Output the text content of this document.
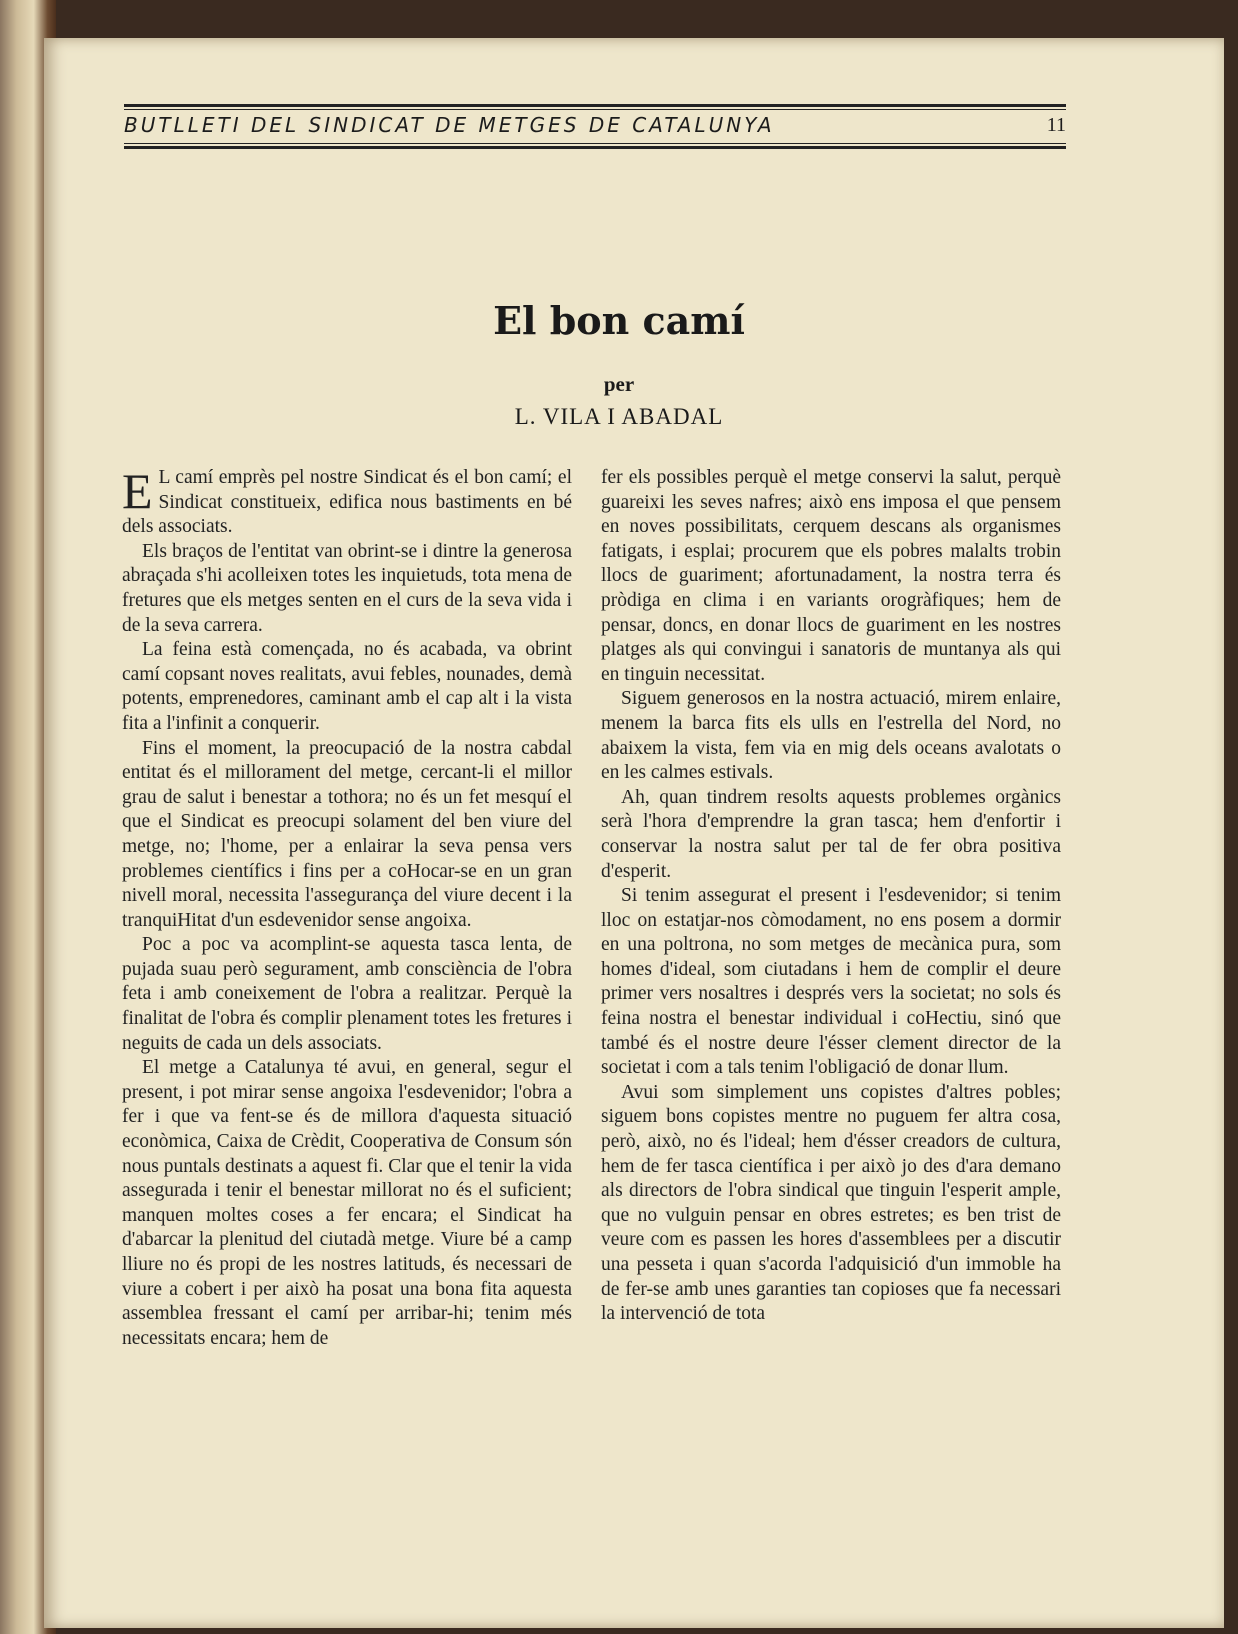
BUTLLETI DEL SINDICAT DE METGES DE CATALUNYA	11
El bon camí
per
L. VILA I ABADAL

E L camí emprès pel nostre Sindicat és el bon camí; el Sindicat constitueix, edifica nous bastiments en bé dels associats.

Els braços de l'entitat van obrint-se i dintre la generosa abraçada s'hi acolleixen totes les inquietuds, tota mena de fretures que els metges senten en el curs de la seva vida i de la seva carrera.

La feina està començada, no és acabada, va obrint camí copsant noves realitats, avui febles, nounades, demà potents, emprenedores, caminant amb el cap alt i la vista fita a l'infinit a conquerir.

Fins el moment, la preocupació de la nostra cabdal entitat és el millorament del metge, cercant-li el millor grau de salut i benestar a tothora; no és un fet mesquí el que el Sindicat es preocupi solament del ben viure del metge, no; l'home, per a enlairar la seva pensa vers problemes científics i fins per a coHocar-se en un gran nivell moral, necessita l'assegurança del viure decent i la tranquiHitat d'un esdevenidor sense angoixa.

Poc a poc va acomplint-se aquesta tasca lenta, de pujada suau però segurament, amb consciència de l'obra feta i amb coneixement de l'obra a realitzar. Perquè la finalitat de l'obra és complir plenament totes les fretures i neguits de cada un dels associats.

El metge a Catalunya té avui, en general, segur el present, i pot mirar sense angoixa l'esdevenidor; l'obra a fer i que va fent-se és de millora d'aquesta situació econòmica, Caixa de Crèdit, Cooperativa de Consum són nous puntals destinats a aquest fi. Clar que el tenir la vida assegurada i tenir el benestar millorat no és el suficient; manquen moltes coses a fer encara; el Sindicat ha d'abarcar la plenitud del ciutadà metge. Viure bé a camp lliure no és propi de les nostres latituds, és necessari de viure a cobert i per això ha posat una bona fita aquesta assemblea fressant el camí per arribar-hi; tenim més necessitats encara; hem de

fer els possibles perquè el metge conservi la salut, perquè guareixi les seves nafres; això ens imposa el que pensem en noves possibilitats, cerquem descans als organismes fatigats, i esplai; procurem que els pobres malalts trobin llocs de guariment; afortunadament, la nostra terra és pròdiga en clima i en variants orogràfiques; hem de pensar, doncs, en donar llocs de guariment en les nostres platges als qui convingui i sanatoris de muntanya als qui en tinguin necessitat.

Siguem generosos en la nostra actuació, mirem enlaire, menem la barca fits els ulls en l'estrella del Nord, no abaixem la vista, fem via en mig dels oceans avalotats o en les calmes estivals.

Ah, quan tindrem resolts aquests problemes orgànics serà l'hora d'emprendre la gran tasca; hem d'enfortir i conservar la nostra salut per tal de fer obra positiva d'esperit.

Si tenim assegurat el present i l'esdevenidor; si tenim lloc on estatjar-nos còmodament, no ens posem a dormir en una poltrona, no som metges de mecànica pura, som homes d'ideal, som ciutadans i hem de complir el deure primer vers nosaltres i després vers la societat; no sols és feina nostra el benestar individual i coHectiu, sinó que també és el nostre deure l'ésser clement director de la societat i com a tals tenim l'obligació de donar llum.

Avui som simplement uns copistes d'altres pobles; siguem bons copistes mentre no puguem fer altra cosa, però, això, no és l'ideal; hem d'ésser creadors de cultura, hem de fer tasca científica i per això jo des d'ara demano als directors de l'obra sindical que tinguin l'esperit ample, que no vulguin pensar en obres estretes; es ben trist de veure com es passen les hores d'assemblees per a discutir una pesseta i quan s'acorda l'adquisició d'un immoble ha de fer-se amb unes garanties tan copioses que fa necessari la intervenció de tota
